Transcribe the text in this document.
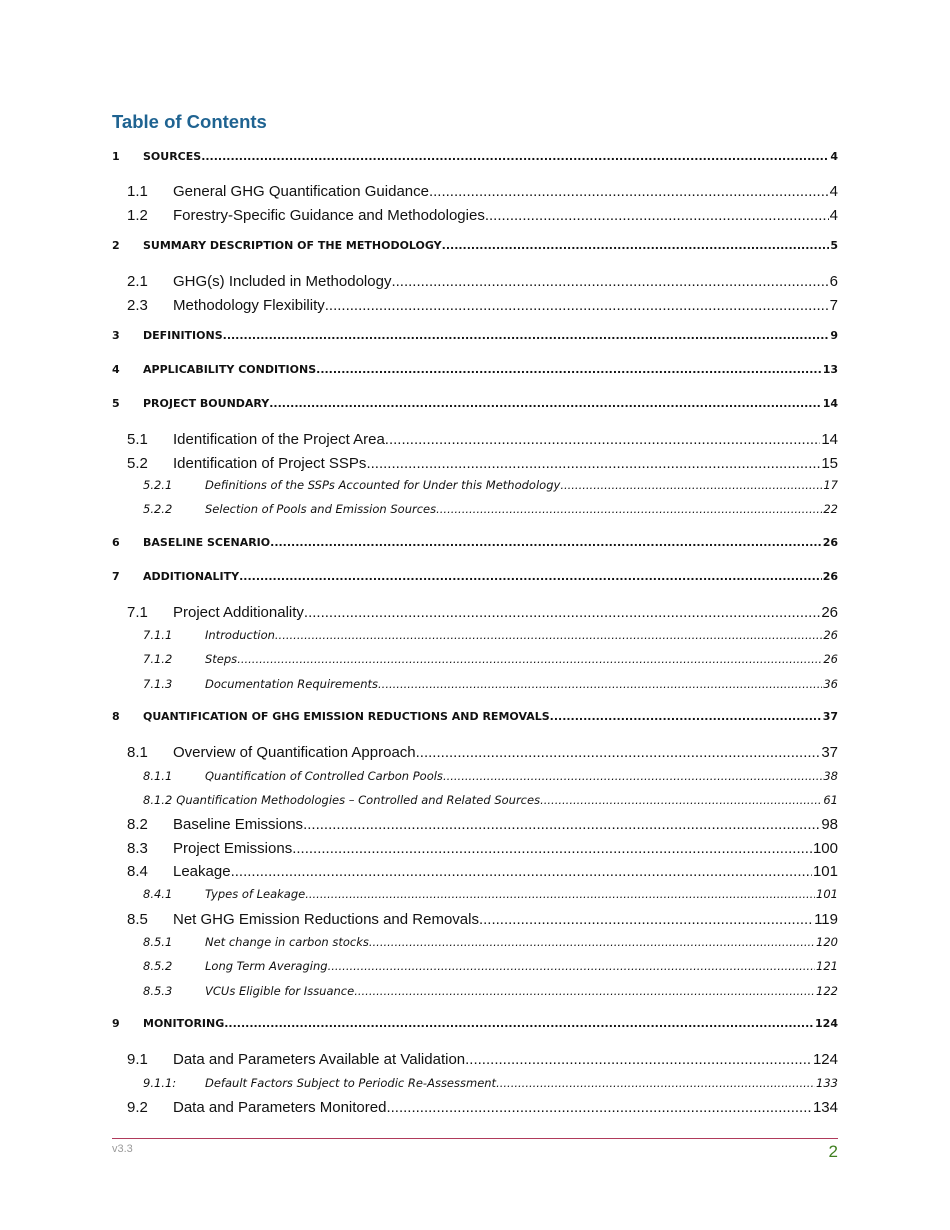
Table of Contents
1	SOURCES .....	4
1.1	General GHG Quantification Guidance .....	4
1.2	Forestry-Specific Guidance and Methodologies .....	4
2	SUMMARY DESCRIPTION OF THE METHODOLOGY .....	5
2.1	GHG(s) Included in Methodology .....	6
2.3	Methodology Flexibility .....	7
3	DEFINITIONS .....	9
4	APPLICABILITY CONDITIONS .....	13
5	PROJECT BOUNDARY .....	14
5.1	Identification of the Project Area .....	14
5.2	Identification of Project SSPs .....	15
5.2.1	Definitions of the SSPs Accounted for Under this Methodology .....	17
5.2.2	Selection of Pools and Emission Sources .....	22
6	BASELINE SCENARIO .....	26
7	ADDITIONALITY .....	26
7.1	Project Additionality .....	26
7.1.1	Introduction .....	26
7.1.2	Steps .....	26
7.1.3	Documentation Requirements .....	36
8	QUANTIFICATION OF GHG EMISSION REDUCTIONS AND REMOVALS .....	37
8.1	Overview of Quantification Approach .....	37
8.1.1	Quantification of Controlled Carbon Pools .....	38
8.1.2 Quantification Methodologies – Controlled and Related Sources .....	61
8.2	Baseline Emissions .....	98
8.3	Project Emissions .....	100
8.4	Leakage .....	101
8.4.1	Types of Leakage .....	101
8.5	Net GHG Emission Reductions and Removals .....	119
8.5.1	Net change in carbon stocks .....	120
8.5.2	Long Term Averaging .....	121
8.5.3	VCUs Eligible for Issuance .....	122
9	MONITORING .....	124
9.1	Data and Parameters Available at Validation .....	124
9.1.1:	Default Factors Subject to Periodic Re-Assessment .....	133
9.2	Data and Parameters Monitored .....	134
v3.3	2
